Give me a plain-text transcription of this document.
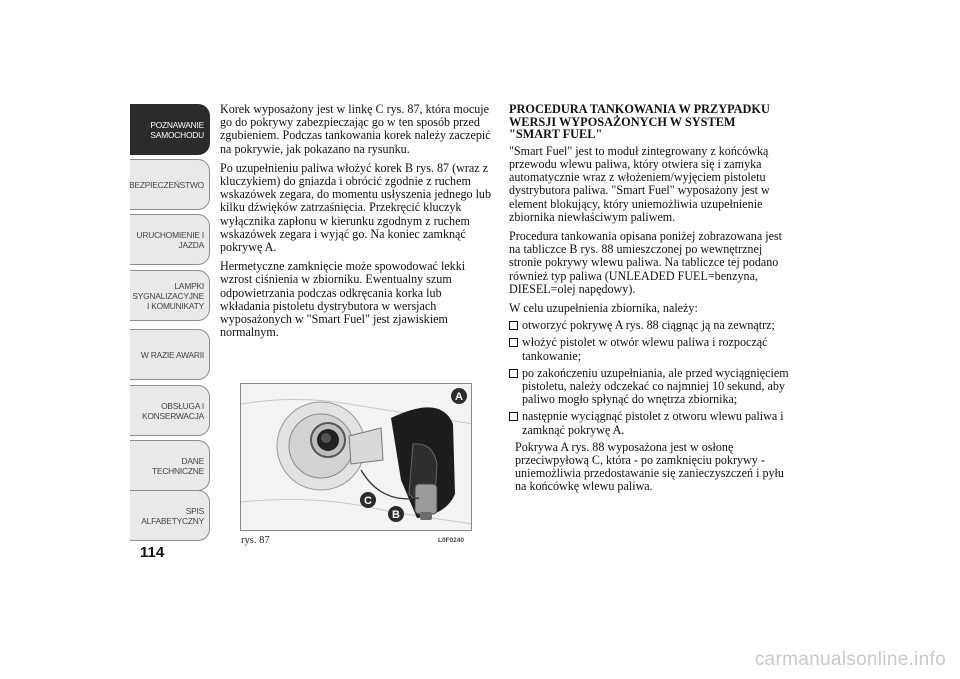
POZNAWANIE
SAMOCHODU
BEZPIECZEŃSTWO
URUCHOMIENIE I
JAZDA
LAMPKI
SYGNALIZACYJNE
I KOMUNIKATY
W RAZIE AWARII
OBSŁUGA I
KONSERWACJA
DANE
TECHNICZNE
SPIS
ALFABETYCZNY
114

Korek wyposażony jest w linkę C rys. 87, która mocuje go do pokrywy zabezpieczając go w ten sposób przed zgubieniem. Podczas tankowania korek należy zaczepić na pokrywie, jak pokazano na rysunku.

Po uzupełnieniu paliwa włożyć korek B rys. 87 (wraz z kluczykiem) do gniazda i obrócić zgodnie z ruchem wskazówek zegara, do momentu usłyszenia jednego lub kilku dźwięków zatrzaśnięcia. Przekręcić kluczyk wyłącznika zapłonu w kierunku zgodnym z ruchem wskazówek zegara i wyjąć go. Na koniec zamknąć pokrywę A.

Hermetyczne zamknięcie może spowodować lekki wzrost ciśnienia w zbiorniku. Ewentualny szum odpowietrzania podczas odkręcania korka lub wkładania pistoletu dystrybutora w wersjach wyposażonych w "Smart Fuel" jest zjawiskiem normalnym.

A
C
B
rys. 87	L0F0240
PROCEDURA TANKOWANIA W PRZYPADKU WERSJI WYPOSAŻONYCH W SYSTEM "SMART FUEL"

"Smart Fuel" jest to moduł zintegrowany z końcówką przewodu wlewu paliwa, który otwiera się i zamyka automatycznie wraz z włożeniem/wyjęciem pistoletu dystrybutora paliwa. "Smart Fuel" wyposażony jest w element blokujący, który uniemożliwia uzupełnienie zbiornika niewłaściwym paliwem.

Procedura tankowania opisana poniżej zobrazowana jest na tabliczce B rys. 88 umieszczonej po wewnętrznej stronie pokrywy wlewu paliwa. Na tabliczce tej podano również typ paliwa (UNLEADED FUEL=benzyna, DIESEL=olej napędowy).

W celu uzupełnienia zbiornika, należy:

otworzyć pokrywę A rys. 88 ciągnąc ją na zewnątrz;
włożyć pistolet w otwór wlewu paliwa i rozpocząć tankowanie;
po zakończeniu uzupełniania, ale przed wyciągnięciem pistoletu, należy odczekać co najmniej 10 sekund, aby paliwo mogło spłynąć do wnętrza zbiornika;
następnie wyciągnąć pistolet z otworu wlewu paliwa i zamknąć pokrywę A.

Pokrywa A rys. 88 wyposażona jest w osłonę przeciwpyłową C, która - po zamknięciu pokrywy - uniemożliwia przedostawanie się zanieczyszczeń i pyłu na końcówkę wlewu paliwa.

carmanualsonline.info
